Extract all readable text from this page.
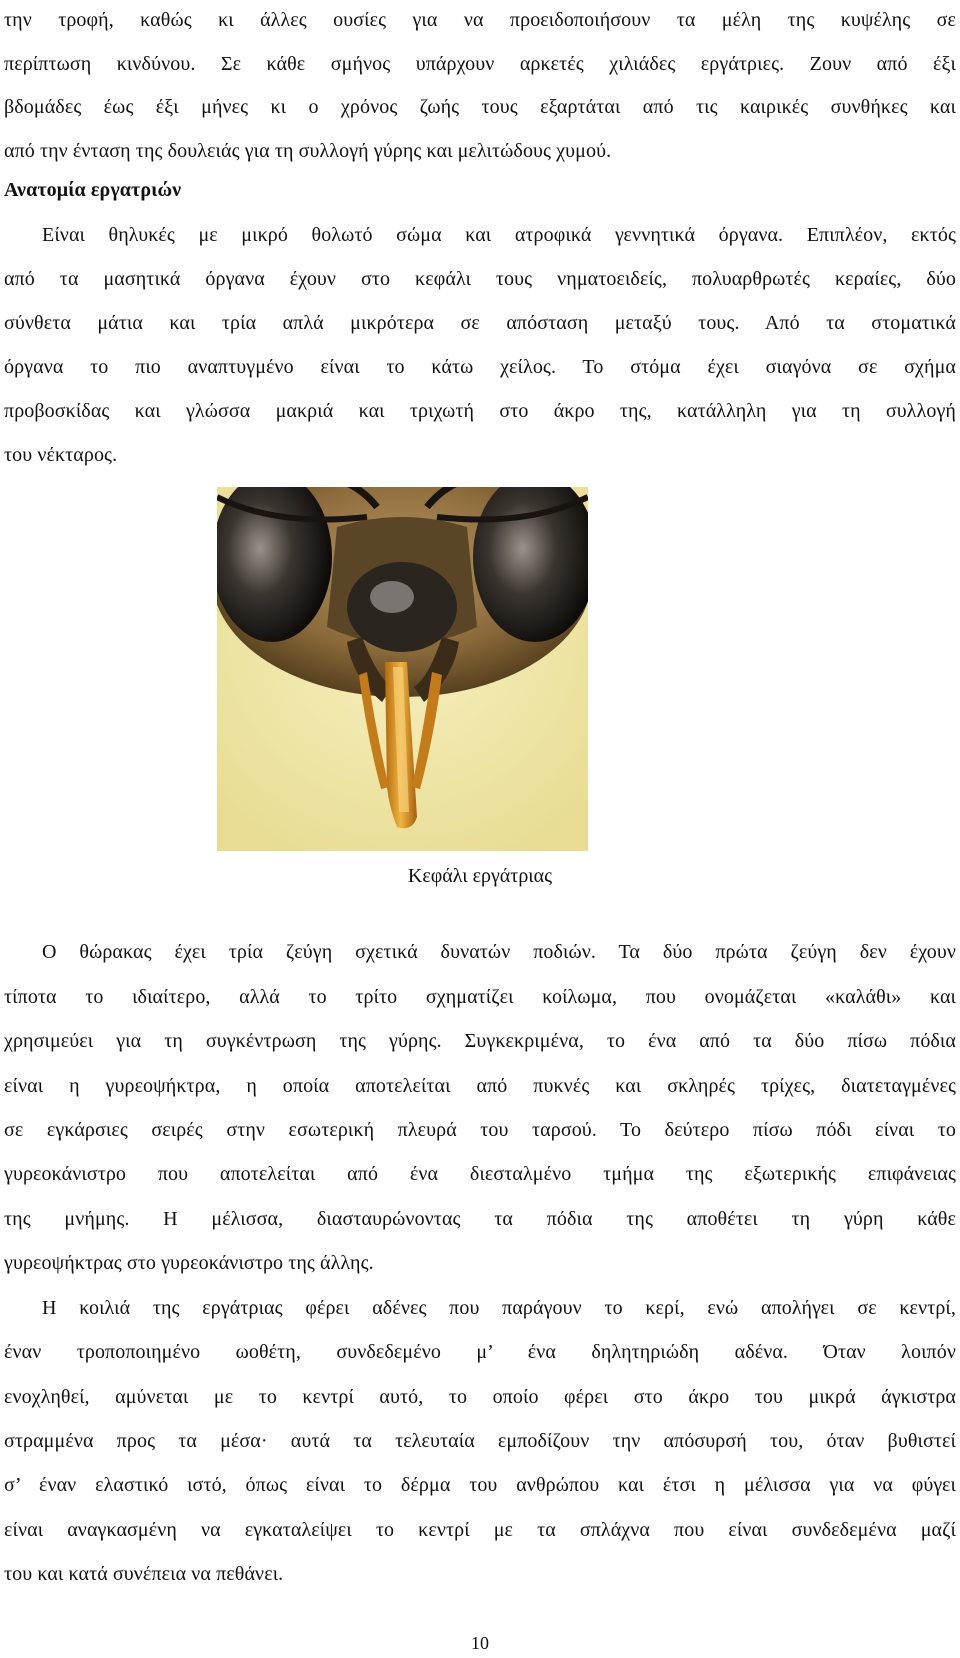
την τροφή, καθώς κι άλλες ουσίες για να προειδοποιήσουν τα μέλη της κυψέλης σε
περίπτωση κινδύνου. Σε κάθε σμήνος υπάρχουν αρκετές χιλιάδες εργάτριες. Ζουν από έξι
βδομάδες έως έξι μήνες κι ο χρόνος ζωής τους εξαρτάται από τις καιρικές συνθήκες και
από την ένταση της δουλειάς για τη συλλογή γύρης και μελιτώδους χυμού.
Ανατομία εργατριών
Είναι θηλυκές με μικρό θολωτό σώμα και ατροφικά γεννητικά όργανα. Επιπλέον, εκτός
από τα μασητικά όργανα έχουν στο κεφάλι τους νηματοειδείς, πολυαρθρωτές κεραίες, δύο
σύνθετα μάτια και τρία απλά μικρότερα σε απόσταση μεταξύ τους. Από τα στοματικά
όργανα το πιο αναπτυγμένο είναι το κάτω χείλος. Το στόμα έχει σιαγόνα σε σχήμα
προβοσκίδας και γλώσσα μακριά και τριχωτή στο άκρο της, κατάλληλη για τη συλλογή
του νέκταρος.
Κεφάλι εργάτριας
Ο θώρακας έχει τρία ζεύγη σχετικά δυνατών ποδιών. Τα δύο πρώτα ζεύγη δεν έχουν
τίποτα το ιδιαίτερο, αλλά το τρίτο σχηματίζει κοίλωμα, που ονομάζεται «καλάθι» και
χρησιμεύει για τη συγκέντρωση της γύρης. Συγκεκριμένα, το ένα από τα δύο πίσω πόδια
είναι η γυρεοψήκτρα, η οποία αποτελείται από πυκνές και σκληρές τρίχες, διατεταγμένες
σε εγκάρσιες σειρές στην εσωτερική πλευρά του ταρσού. Το δεύτερο πίσω πόδι είναι το
γυρεοκάνιστρο που αποτελείται από ένα διεσταλμένο τμήμα της εξωτερικής επιφάνειας
της μνήμης. Η μέλισσα, διασταυρώνοντας τα πόδια της αποθέτει τη γύρη κάθε
γυρεοψήκτρας στο γυρεοκάνιστρο της άλλης.
Η κοιλιά της εργάτριας φέρει αδένες που παράγουν το κερί, ενώ απολήγει σε κεντρί,
έναν τροποποιημένο ωοθέτη, συνδεδεμένο μ’ ένα δηλητηριώδη αδένα. Όταν λοιπόν
ενοχληθεί, αμύνεται με το κεντρί αυτό, το οποίο φέρει στο άκρο του μικρά άγκιστρα
στραμμένα προς τα μέσα· αυτά τα τελευταία εμποδίζουν την απόσυρσή του, όταν βυθιστεί
σ’ έναν ελαστικό ιστό, όπως είναι το δέρμα του ανθρώπου και έτσι η μέλισσα για να φύγει
είναι αναγκασμένη να εγκαταλείψει το κεντρί με τα σπλάχνα που είναι συνδεδεμένα μαζί
του και κατά συνέπεια να πεθάνει.
10
